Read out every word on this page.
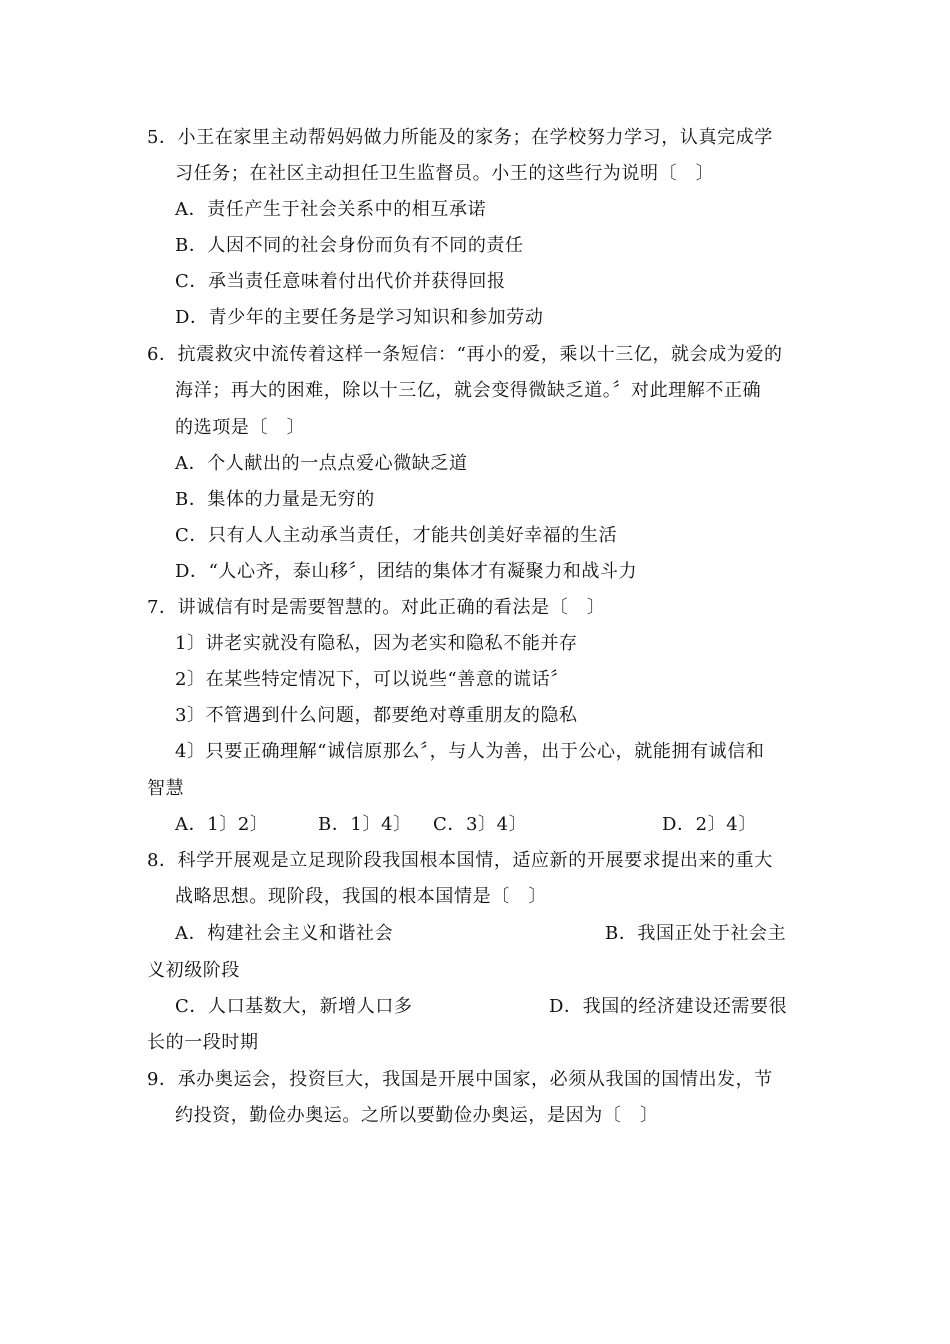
5．小王在家里主动帮妈妈做力所能及的家务；在学校努力学习，认真完成学
习任务；在社区主动担任卫生监督员。小王的这些行为说明〔　〕
A．责任产生于社会关系中的相互承诺
B．人因不同的社会身份而负有不同的责任
C．承当责任意味着付出代价并获得回报
D．青少年的主要任务是学习知识和参加劳动
6．抗震救灾中流传着这样一条短信：“再小的爱，乘以十三亿，就会成为爱的
海洋；再大的困难，除以十三亿，就会变得微缺乏道。〞对此理解不正确
的选项是〔　〕
A．个人献出的一点点爱心微缺乏道
B．集体的力量是无穷的
C．只有人人主动承当责任，才能共创美好幸福的生活
D．“人心齐，泰山移〞，团结的集体才有凝聚力和战斗力
7．讲诚信有时是需要智慧的。对此正确的看法是〔　〕
1〕讲老实就没有隐私，因为老实和隐私不能并存
2〕在某些特定情况下，可以说些“善意的谎话〞
3〕不管遇到什么问题，都要绝对尊重朋友的隐私
4〕只要正确理解“诚信原那么〞，与人为善，出于公心，就能拥有诚信和
智慧
A．1〕2〕	B．1〕4〕 C．3〕4〕	D．2〕4〕
8．科学开展观是立足现阶段我国根本国情，适应新的开展要求提出来的重大
战略思想。现阶段，我国的根本国情是〔　〕
A．构建社会主义和谐社会	B．我国正处于社会主
义初级阶段
C．人口基数大，新增人口多	D．我国的经济建设还需要很
长的一段时期
9．承办奥运会，投资巨大，我国是开展中国家，必须从我国的国情出发，节
约投资，勤俭办奥运。之所以要勤俭办奥运，是因为〔　〕
